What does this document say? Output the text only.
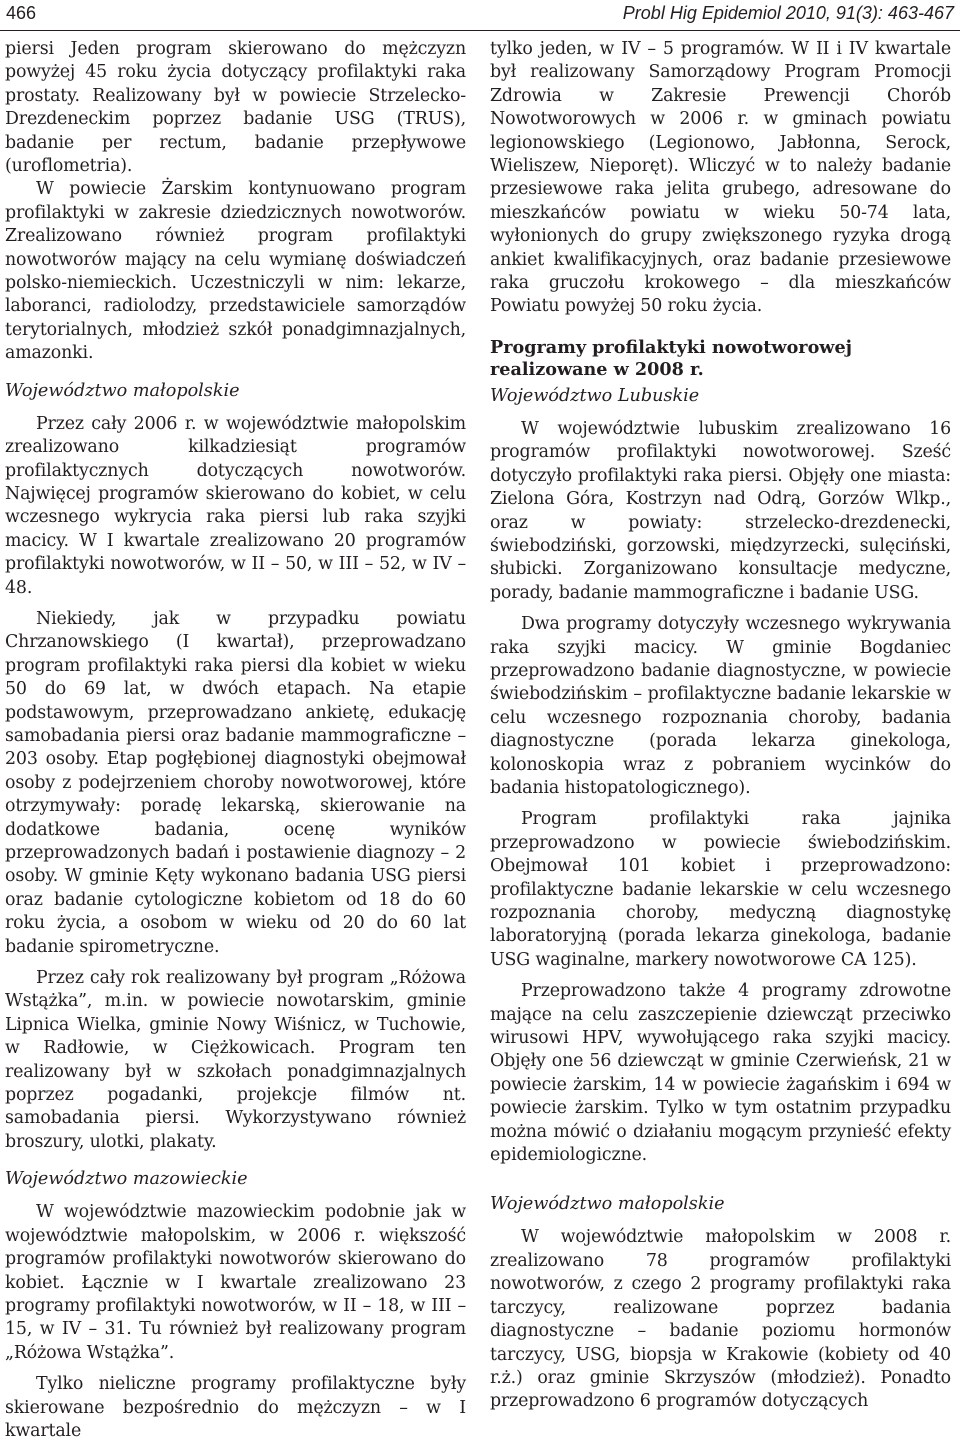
466	Probl Hig Epidemiol 2010, 91(3): 463-467

piersi Jeden program skierowano do mężczyzn powyżej 45 roku życia dotyczący profilaktyki raka prostaty. Realizowany był w powiecie Strzelecko-Drezdeneckim poprzez badanie USG (TRUS), badanie per rectum, badanie przepływowe (uroflometria).

W powiecie Żarskim kontynuowano program profilaktyki w zakresie dziedzicznych nowotworów. Zrealizowano również program profilaktyki nowotworów mający na celu wymianę doświadczeń polsko-niemieckich. Uczestniczyli w nim: lekarze, laboranci, radiolodzy, przedstawiciele samorządów terytorialnych, młodzież szkół ponadgimnazjalnych, amazonki.

Województwo małopolskie

Przez cały 2006 r. w województwie małopolskim zrealizowano kilkadziesiąt programów profilaktycznych dotyczących nowotworów. Najwięcej programów skierowano do kobiet, w celu wczesnego wykrycia raka piersi lub raka szyjki macicy. W I kwartale zrealizowano 20 programów profilaktyki nowotworów, w II – 50, w III – 52, w IV – 48.

Niekiedy, jak w przypadku powiatu Chrzanowskiego (I kwartał), przeprowadzano program profilaktyki raka piersi dla kobiet w wieku 50 do 69 lat, w dwóch etapach. Na etapie podstawowym, przeprowadzano ankietę, edukację samobadania piersi oraz badanie mammograficzne – 203 osoby. Etap pogłębionej diagnostyki obejmował osoby z podejrzeniem choroby nowotworowej, które otrzymywały: poradę lekarską, skierowanie na dodatkowe badania, ocenę wyników przeprowadzonych badań i postawienie diagnozy – 2 osoby. W gminie Kęty wykonano badania USG piersi oraz badanie cytologiczne kobietom od 18 do 60 roku życia, a osobom w wieku od 20 do 60 lat badanie spirometryczne.

Przez cały rok realizowany był program „Różowa Wstążka”, m.in. w powiecie nowotarskim, gminie Lipnica Wielka, gminie Nowy Wiśnicz, w Tuchowie, w Radłowie, w Ciężkowicach. Program ten realizowany był w szkołach ponadgimnazjalnych poprzez pogadanki, projekcje filmów nt. samobadania piersi. Wykorzystywano również broszury, ulotki, plakaty.

Województwo mazowieckie

W województwie mazowieckim podobnie jak w województwie małopolskim, w 2006 r. większość programów profilaktyki nowotworów skierowano do kobiet. Łącznie w I kwartale zrealizowano 23 programy profilaktyki nowotworów, w II – 18, w III – 15, w IV – 31. Tu również był realizowany program „Różowa Wstążka”.

Tylko nieliczne programy profilaktyczne były skierowane bezpośrednio do mężczyzn – w I kwartale

tylko jeden, w IV – 5 programów. W II i IV kwartale był realizowany Samorządowy Program Promocji Zdrowia w Zakresie Prewencji Chorób Nowotworowych w 2006 r. w gminach powiatu legionowskiego (Legionowo, Jabłonna, Serock, Wieliszew, Nieporęt). Wliczyć w to należy badanie przesiewowe raka jelita grubego, adresowane do mieszkańców powiatu w wieku 50-74 lata, wyłonionych do grupy zwiększonego ryzyka drogą ankiet kwalifikacyjnych, oraz badanie przesiewowe raka gruczołu krokowego – dla mieszkańców Powiatu powyżej 50 roku życia.

Programy profilaktyki nowotworowej realizowane w 2008 r.
Województwo Lubuskie

W województwie lubuskim zrealizowano 16 programów profilaktyki nowotworowej. Sześć dotyczyło profilaktyki raka piersi. Objęły one miasta: Zielona Góra, Kostrzyn nad Odrą, Gorzów Wlkp., oraz w powiaty: strzelecko-drezdenecki, świebodziński, gorzowski, międzyrzecki, sulęciński, słubicki. Zorganizowano konsultacje medyczne, porady, badanie mammograficzne i badanie USG.

Dwa programy dotyczyły wczesnego wykrywania raka szyjki macicy. W gminie Bogdaniec przeprowadzono badanie diagnostyczne, w powiecie świebodzińskim – profilaktyczne badanie lekarskie w celu wczesnego rozpoznania choroby, badania diagnostyczne (porada lekarza ginekologa, kolonoskopia wraz z pobraniem wycinków do badania histopatologicznego).

Program profilaktyki raka jajnika przeprowadzono w powiecie świebodzińskim. Obejmował 101 kobiet i przeprowadzono: profilaktyczne badanie lekarskie w celu wczesnego rozpoznania choroby, medyczną diagnostykę laboratoryjną (porada lekarza ginekologa, badanie USG waginalne, markery nowotworowe CA 125).

Przeprowadzono także 4 programy zdrowotne mające na celu zaszczepienie dziewcząt przeciwko wirusowi HPV, wywołującego raka szyjki macicy. Objęły one 56 dziewcząt w gminie Czerwieńsk, 21 w powiecie żarskim, 14 w powiecie żagańskim i 694 w powiecie żarskim. Tylko w tym ostatnim przypadku można mówić o działaniu mogącym przynieść efekty epidemiologiczne.

Województwo małopolskie

W województwie małopolskim w 2008 r. zrealizowano 78 programów profilaktyki nowotworów, z czego 2 programy profilaktyki raka tarczycy, realizowane poprzez badania diagnostyczne – badanie poziomu hormonów tarczycy, USG, biopsja w Krakowie (kobiety od 40 r.ż.) oraz gminie Skrzyszów (młodzież). Ponadto przeprowadzono 6 programów dotyczących
